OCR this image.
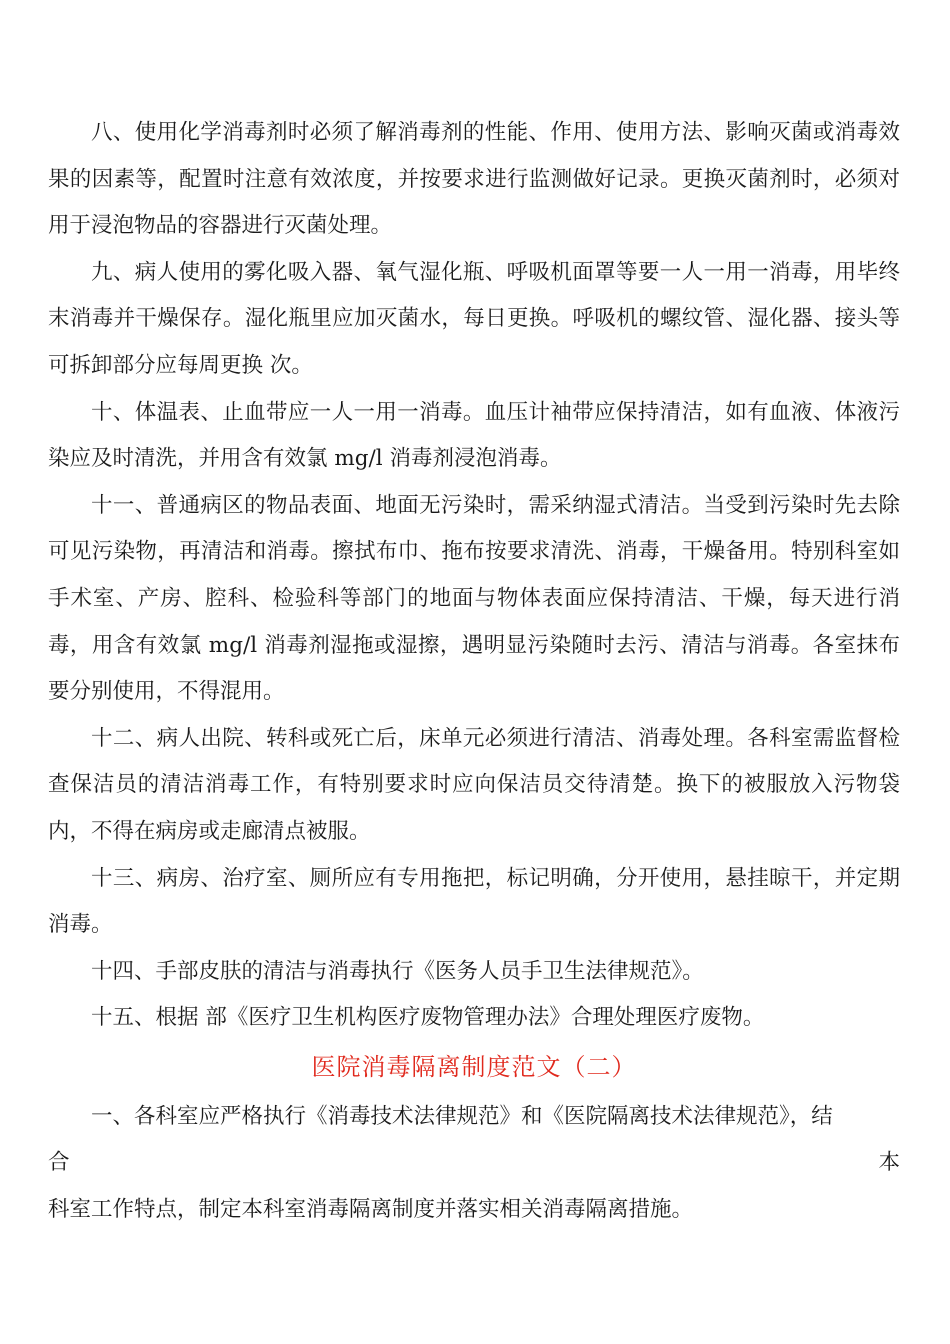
八、使用化学消毒剂时必须了解消毒剂的性能、作用、使用方法、影响灭菌或消毒效果的因素等，配置时注意有效浓度，并按要求进行监测做好记录。更换灭菌剂时，必须对用于浸泡物品的容器进行灭菌处理。

九、病人使用的雾化吸入器、氧气湿化瓶、呼吸机面罩等要一人一用一消毒，用毕终末消毒并干燥保存。湿化瓶里应加灭菌水，每日更换。呼吸机的螺纹管、湿化器、接头等可拆卸部分应每周更换 次。

十、体温表、止血带应一人一用一消毒。血压计袖带应保持清洁，如有血液、体液污染应及时清洗，并用含有效氯 mg/l 消毒剂浸泡消毒。

十一、普通病区的物品表面、地面无污染时，需采纳湿式清洁。当受到污染时先去除可见污染物，再清洁和消毒。擦拭布巾、拖布按要求清洗、消毒，干燥备用。特别科室如手术室、产房、腔科、检验科等部门的地面与物体表面应保持清洁、干燥，每天进行消毒，用含有效氯 mg/l 消毒剂湿拖或湿擦，遇明显污染随时去污、清洁与消毒。各室抹布要分别使用，不得混用。

十二、病人出院、转科或死亡后，床单元必须进行清洁、消毒处理。各科室需监督检查保洁员的清洁消毒工作，有特别要求时应向保洁员交待清楚。换下的被服放入污物袋内，不得在病房或走廊清点被服。

十三、病房、治疗室、厕所应有专用拖把，标记明确，分开使用，悬挂晾干，并定期消毒。

十四、手部皮肤的清洁与消毒执行《医务人员手卫生法律规范》。

十五、根据 部《医疗卫生机构医疗废物管理办法》合理处理医疗废物。

医院消毒隔离制度范文（二）

一、各科室应严格执行《消毒技术法律规范》和《医院隔离技术法律规范》，结

合	本

科室工作特点，制定本科室消毒隔离制度并落实相关消毒隔离措施。
